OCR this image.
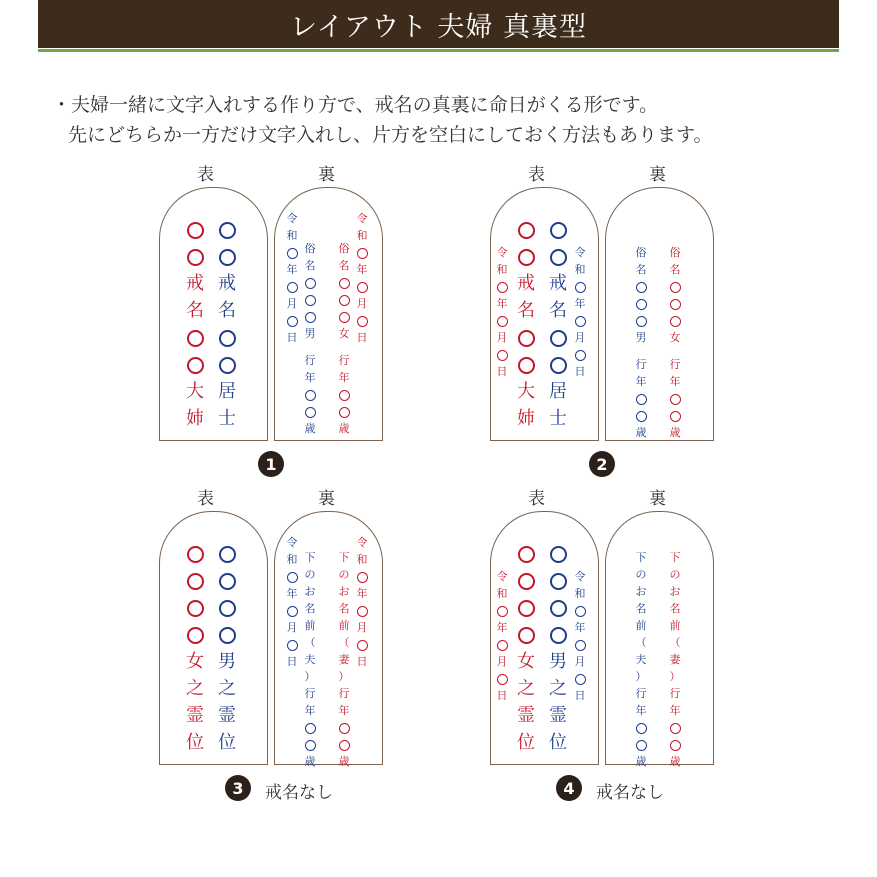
レイアウト 夫婦 真裏型
・夫婦一緒に文字入れする作り方で、戒名の真裏に命日がくる形です。
先にどちらか一方だけ文字入れし、片方を空白にしておく方法もあります。
表	裏
戒
名
大
姉
戒
名
居
士
令
和
年
月
日
俗
名
男
行
年
歳
俗
名
女
行
年
歳
令
和
年
月
日
1
表	裏
令
和
年
月
日
戒
名
大
姉
戒
名
居
士
令
和
年
月
日
俗
名
男
行
年
歳
俗
名
女
行
年
歳
2
表	裏
女
之
霊
位
男
之
霊
位
令
和
年
月
日
下
の
お
名
前
（
夫
）
行
年
歳
下
の
お
名
前
（
妻
）
行
年
歳
令
和
年
月
日
3	戒名なし
表	裏
令
和
年
月
日
女
之
霊
位
男
之
霊
位
令
和
年
月
日
下
の
お
名
前
（
夫
）
行
年
歳
下
の
お
名
前
（
妻
）
行
年
歳
4	戒名なし
